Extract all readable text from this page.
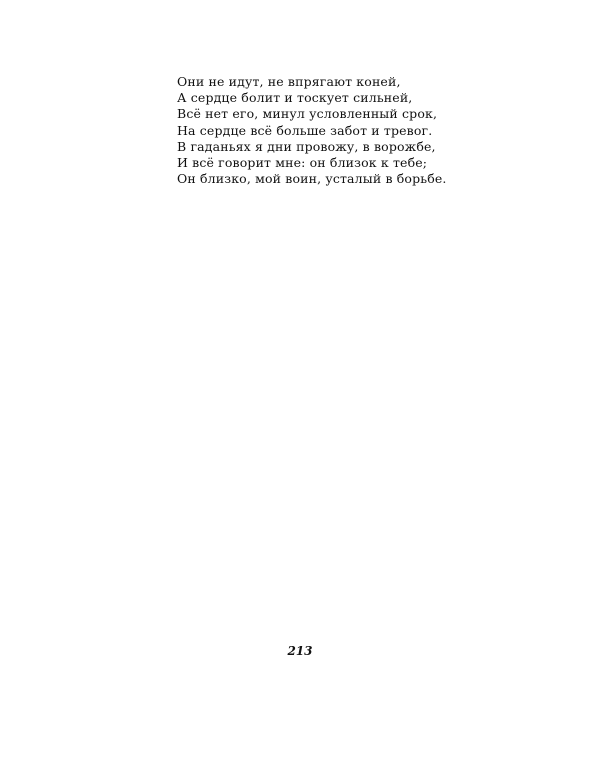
Они не идут, не впрягают коней,
А сердце болит и тоскует сильней,
Всё нет его, минул условленный срок,
На сердце всё больше забот и тревог.
В гаданьях я дни провожу, в ворожбе,
И всё говорит мне: он близок к тебе;
Он близко, мой воин, усталый в борьбе.
213
